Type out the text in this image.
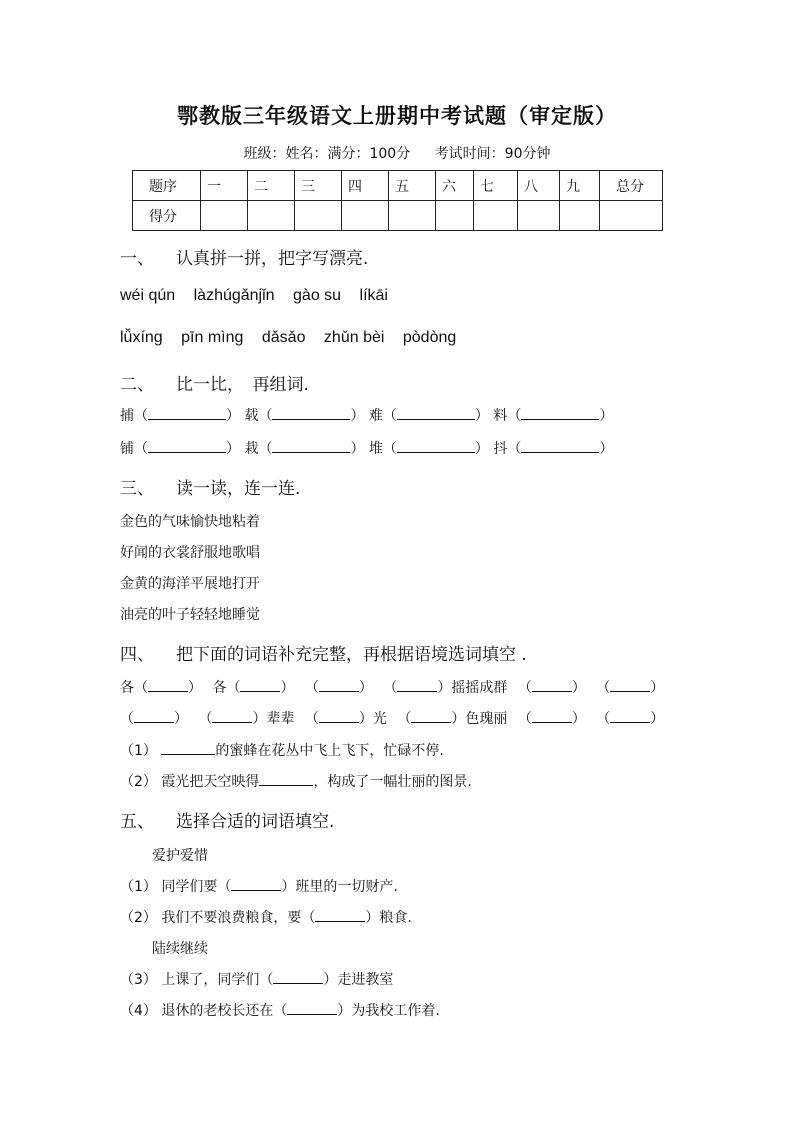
鄂教版三年级语文上册期中考试题（审定版）
班级：姓名：满分：100分 考试时间：90分钟
题序	一	二	三	四	五	六	七	八	九	总分
得分										
一、 认真拼一拼，把字写漂亮.
wéi qún làzhúgǎnjǐn gào su líkāi
lǚxíng pīn mìng dǎsǎo zhǔn bèi pòdòng
二、 比一比，　再组词.
捕 （  ）	载 （  ）	难 （  ）	料（  ）
铺 （  ）	栽 （  ）	堆 （  ）	抖（  ）
三、 读一读，连一连.
金色的气味愉快地粘着
好闻的衣裳舒服地歌唱
金黄的海洋平展地打开
油亮的叶子轻轻地睡觉
四、 把下面的词语补充完整，再根据语境选词填空 .
各 （  ）	各 （  ） （  ） （  ）	摇摇成群 （  ） （  ）
（  ） （  ）辈辈 （  ）	光 （  ）	色瑰丽 （  ） （  ）
（1）	的蜜蜂在花丛中飞上飞下，忙碌不停.
（2） 霞光把天空映得	，构成了一幅壮丽的图景.
五、 选择合适的词语填空.
爱护爱惜
（1） 同学们要 （  ）	班里的一切财产.
（2） 我们不要浪费粮食，要 （  ）	粮食.
陆续继续
（3） 上课了，同学们 （  ）	走进教室
（4） 退休的老校长还在 （  ）	为我校工作着.
